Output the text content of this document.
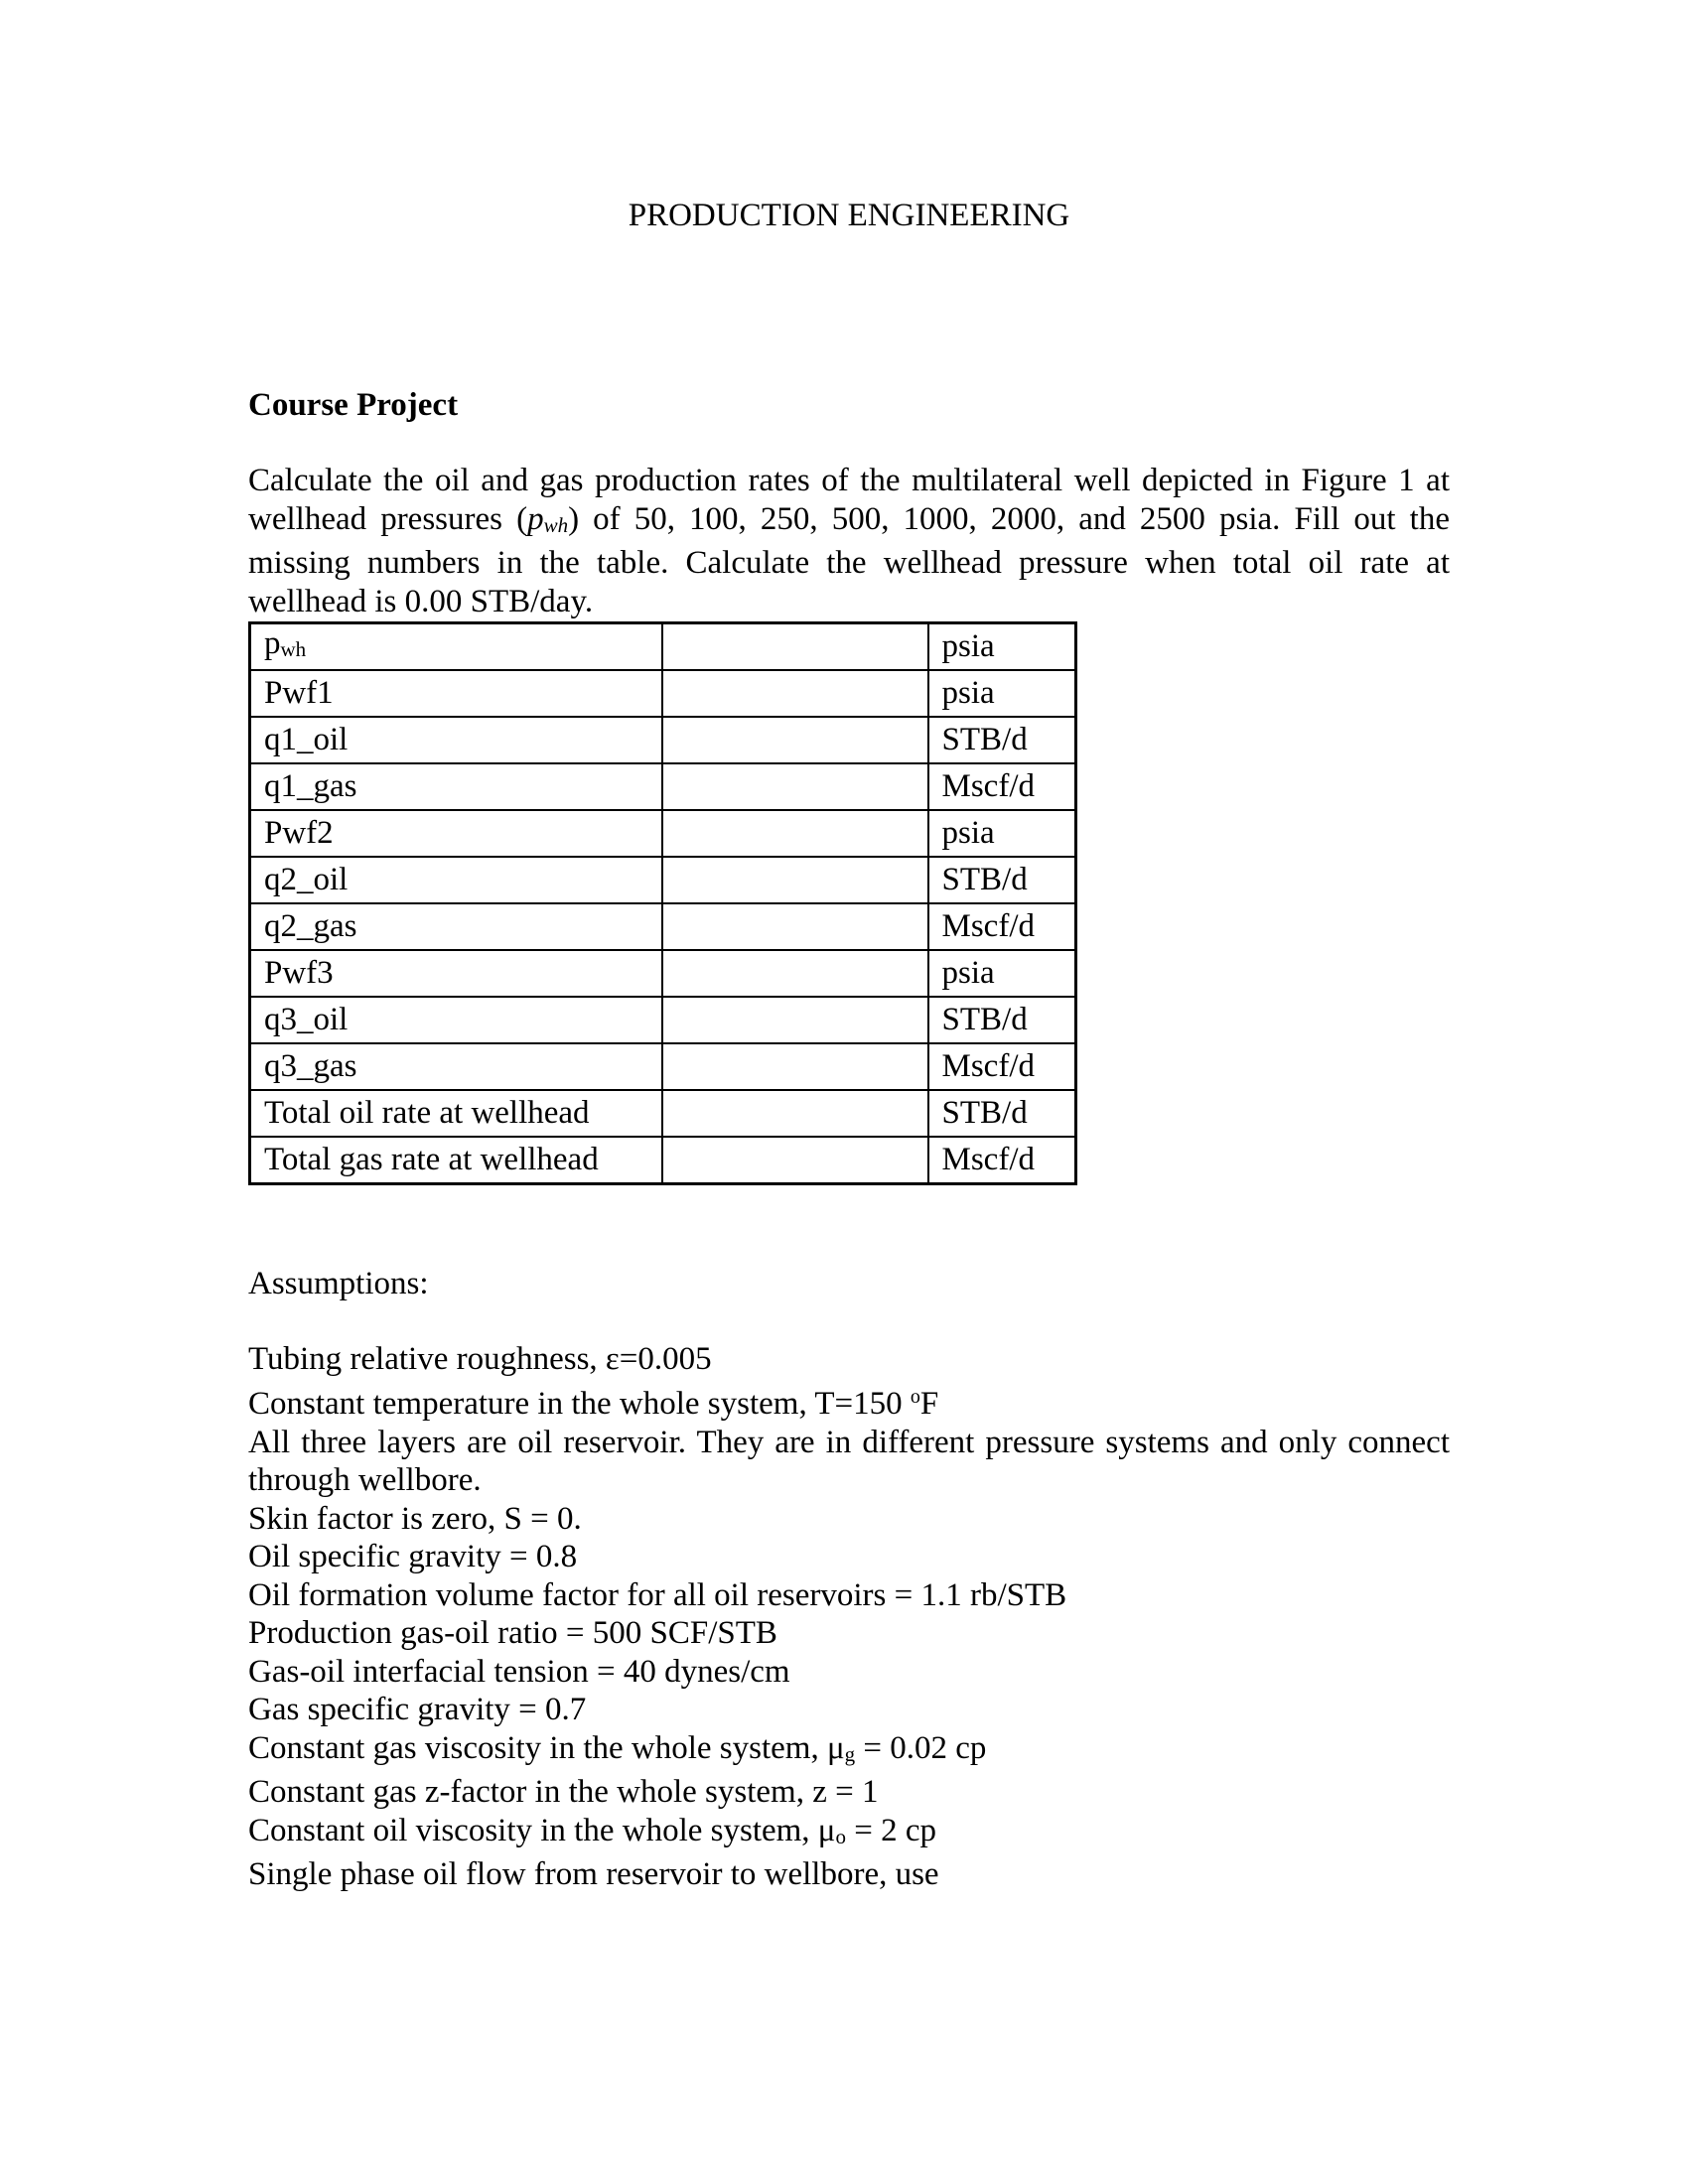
PRODUCTION ENGINEERING
Course Project
Calculate the oil and gas production rates of the multilateral well depicted in Figure 1 at wellhead pressures (pwh) of 50, 100, 250, 500, 1000, 2000, and 2500 psia. Fill out the missing numbers in the table. Calculate the wellhead pressure when total oil rate at wellhead is 0.00 STB/day.
pwh		psia
Pwf1		psia
q1_oil		STB/d
q1_gas		Mscf/d
Pwf2		psia
q2_oil		STB/d
q2_gas		Mscf/d
Pwf3		psia
q3_oil		STB/d
q3_gas		Mscf/d
Total oil rate at wellhead		STB/d
Total gas rate at wellhead		Mscf/d
Assumptions:
Tubing relative roughness, ε=0.005
Constant temperature in the whole system, T=150 $^o$F
All three layers are oil reservoir. They are in different pressure systems and only connect through wellbore.
Skin factor is zero, S = 0.
Oil specific gravity = 0.8
Oil formation volume factor for all oil reservoirs = 1.1 rb/STB
Production gas-oil ratio = 500 SCF/STB
Gas-oil interfacial tension = 40 dynes/cm
Gas specific gravity = 0.7
Constant gas viscosity in the whole system, μg = 0.02 cp
Constant gas z-factor in the whole system, z = 1
Constant oil viscosity in the whole system, μo = 2 cp
Single phase oil flow from reservoir to wellbore, use
